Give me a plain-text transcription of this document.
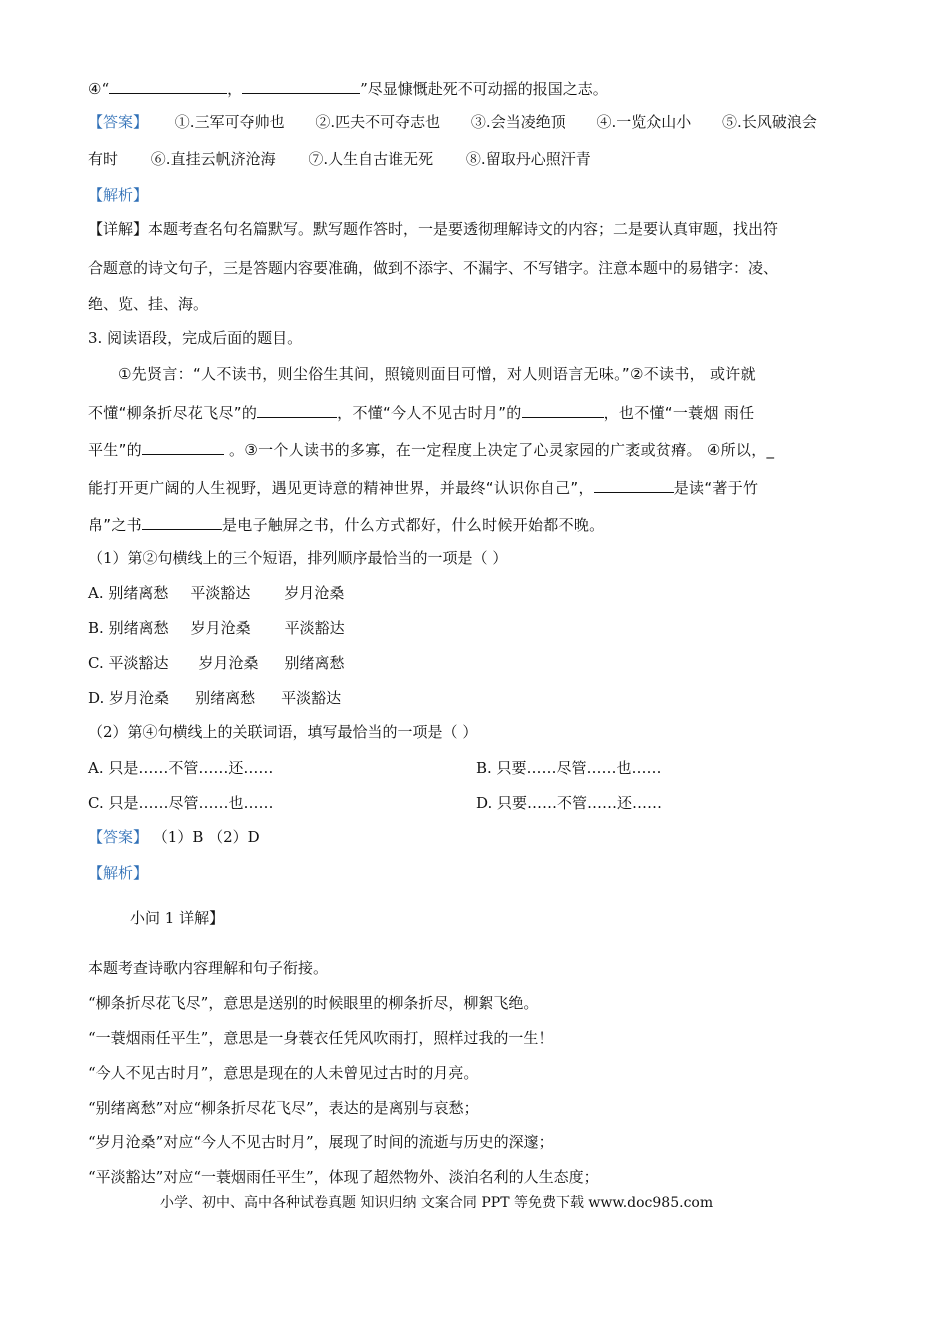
④“	，	”尽显慷慨赴死不可动摇的报国之志。
【答案】 ①.三军可夺帅也 ②.匹夫不可夺志也 ③.会当凌绝顶 ④.一览众山小 ⑤.长风破浪会
有时 ⑥.直挂云帆济沧海 ⑦.人生自古谁无死 ⑧.留取丹心照汗青
【解析】
【详解】本题考查名句名篇默写。默写题作答时，一是要透彻理解诗文的内容；二是要认真审题，找出符
合题意的诗文句子，三是答题内容要准确，做到不添字、不漏字、不写错字。注意本题中的易错字：凌、
绝、览、挂、海。
3. 阅读语段，完成后面的题目。
①先贤言：“人不读书，则尘俗生其间，照镜则面目可憎，对人则语言无味。”②不读书， 或许就
不懂“柳条折尽花飞尽”的	，不懂“今人不见古时月”的	，也不懂“一蓑烟 雨任
平生”的	。③一个人读书的多寡，在一定程度上决定了心灵家园的广袤或贫瘠。 ④所以，_
能打开更广阔的人生视野，遇见更诗意的精神世界，并最终“认识你自己”，	是读“著于竹
帛”之书	是电子触屏之书，什么方式都好，什么时候开始都不晚。
（1）第②句横线上的三个短语，排列顺序最恰当的一项是（ ）
A. 别绪离愁 平淡豁达 岁月沧桑
B. 别绪离愁 岁月沧桑 平淡豁达
C. 平淡豁达 岁月沧桑 别绪离愁
D. 岁月沧桑 别绪离愁 平淡豁达
（2）第④句横线上的关联词语，填写最恰当的一项是（ ）
A. 只是……不管……还……	B. 只要……尽管……也……
C. 只是……尽管……也……	D. 只要……不管……还……
【答案】 （1）B （2）D
【解析】
小问 1 详解】
本题考查诗歌内容理解和句子衔接。
“柳条折尽花飞尽”，意思是送别的时候眼里的柳条折尽，柳絮飞绝。
“一蓑烟雨任平生”，意思是一身蓑衣任凭风吹雨打，照样过我的一生！
“今人不见古时月”，意思是现在的人未曾见过古时的月亮。
“别绪离愁”对应“柳条折尽花飞尽”，表达的是离别与哀愁；
“岁月沧桑”对应“今人不见古时月”，展现了时间的流逝与历史的深邃；
“平淡豁达”对应“一蓑烟雨任平生”，体现了超然物外、淡泊名利的人生态度；
小学、初中、高中各种试卷真题 知识归纳 文案合同 PPT 等免费下载 www.doc985.com
